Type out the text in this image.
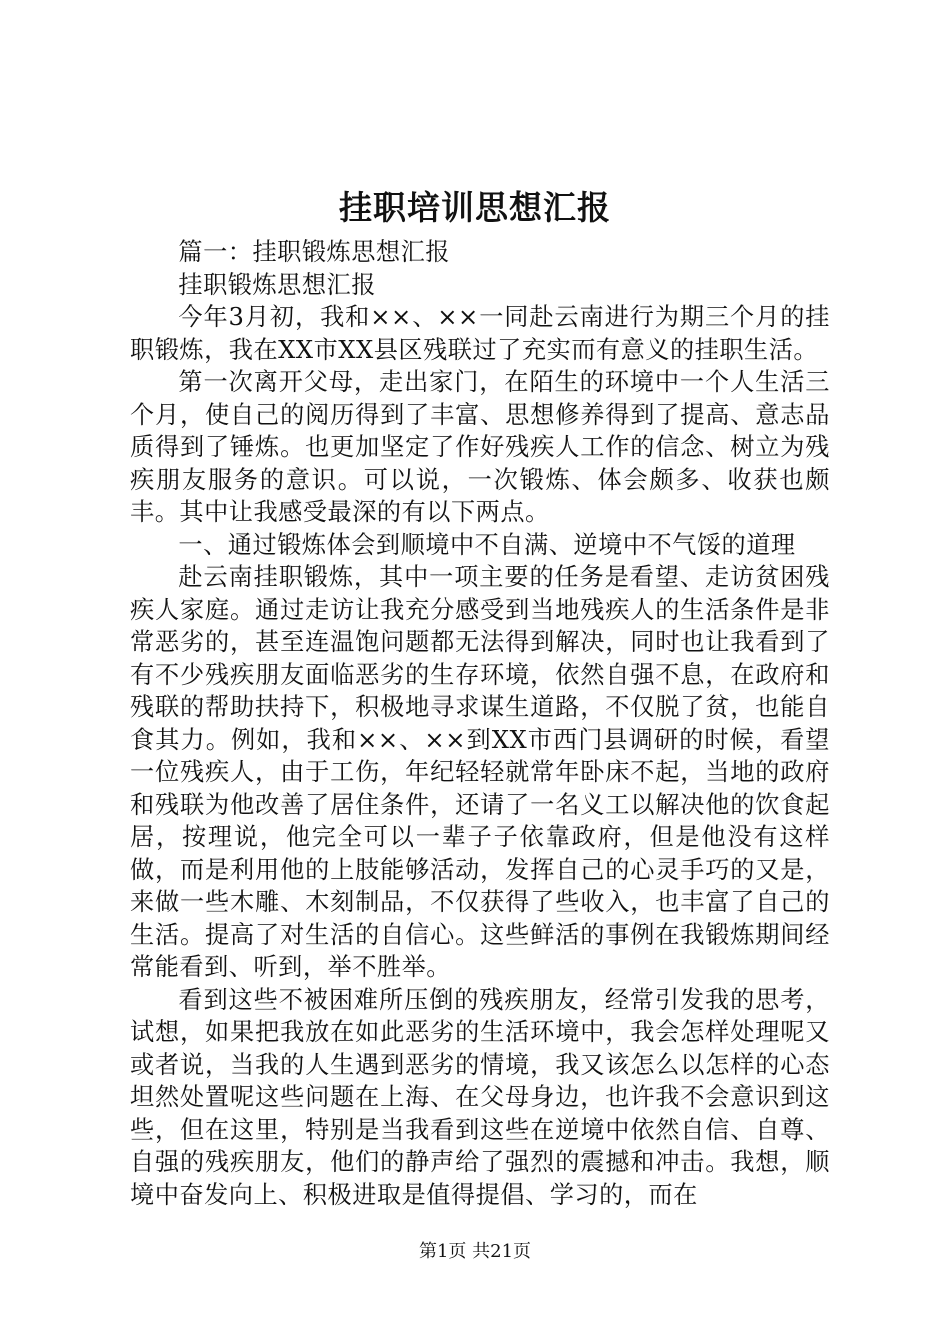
挂职培训思想汇报

篇一：挂职锻炼思想汇报

挂职锻炼思想汇报

今年3月初，我和××、××一同赴云南进行为期三个月的挂职锻炼，我在XX市XX县区残联过了充实而有意义的挂职生活。

第一次离开父母，走出家门，在陌生的环境中一个人生活三个月，使自己的阅历得到了丰富、思想修养得到了提高、意志品质得到了锤炼。也更加坚定了作好残疾人工作的信念、树立为残疾朋友服务的意识。可以说，一次锻炼、体会颇多、收获也颇丰。其中让我感受最深的有以下两点。

一、通过锻炼体会到顺境中不自满、逆境中不气馁的道理

赴云南挂职锻炼，其中一项主要的任务是看望、走访贫困残疾人家庭。通过走访让我充分感受到当地残疾人的生活条件是非常恶劣的，甚至连温饱问题都无法得到解决，同时也让我看到了有不少残疾朋友面临恶劣的生存环境，依然自强不息，在政府和残联的帮助扶持下，积极地寻求谋生道路，不仅脱了贫，也能自食其力。例如，我和××、××到XX市西门县调研的时候，看望一位残疾人，由于工伤，年纪轻轻就常年卧床不起，当地的政府和残联为他改善了居住条件，还请了一名义工以解决他的饮食起居，按理说，他完全可以一辈子子依靠政府，但是他没有这样做，而是利用他的上肢能够活动，发挥自己的心灵手巧的又是，来做一些木雕、木刻制品，不仅获得了些收入，也丰富了自己的生活。提高了对生活的自信心。这些鲜活的事例在我锻炼期间经常能看到、听到，举不胜举。

看到这些不被困难所压倒的残疾朋友，经常引发我的思考，试想，如果把我放在如此恶劣的生活环境中，我会怎样处理呢又或者说，当我的人生遇到恶劣的情境，我又该怎么以怎样的心态坦然处置呢这些问题在上海、在父母身边，也许我不会意识到这些，但在这里，特别是当我看到这些在逆境中依然自信、自尊、自强的残疾朋友，他们的静声给了强烈的震撼和冲击。我想，顺境中奋发向上、积极进取是值得提倡、学习的，而在

第1页 共21页
